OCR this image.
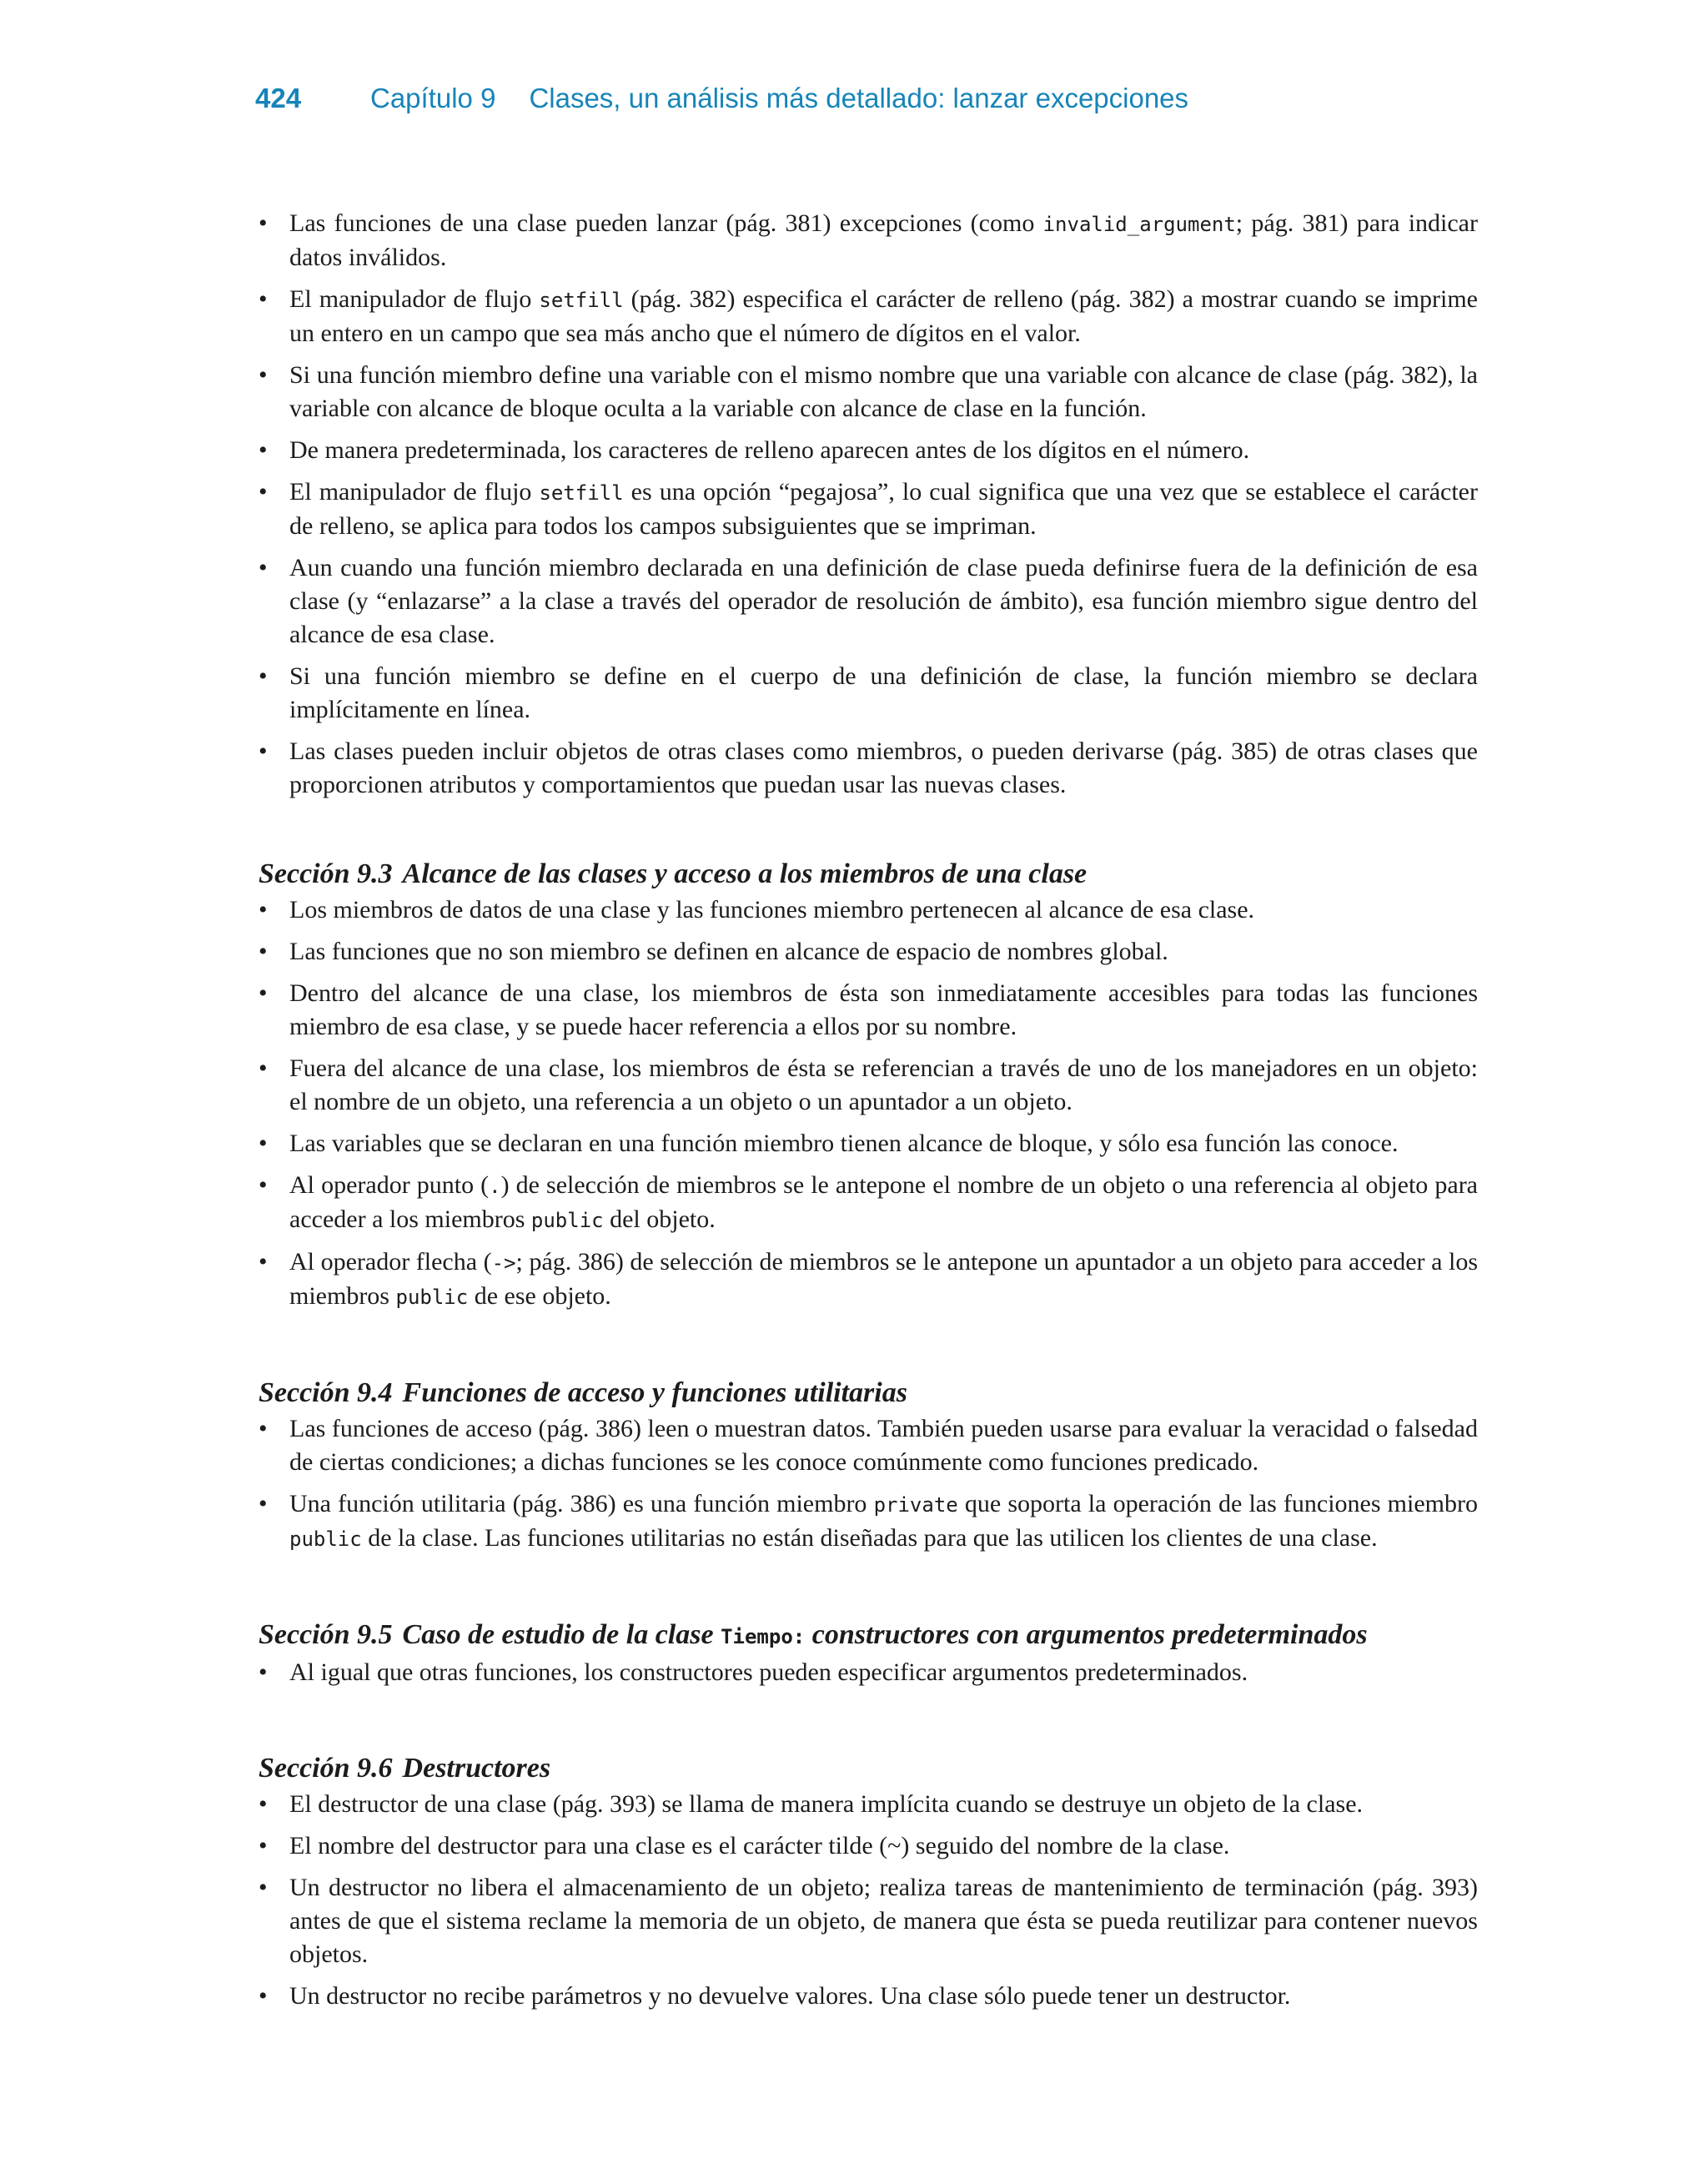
424	Capítulo 9 Clases, un análisis más detallado: lanzar excepciones
• Las funciones de una clase pueden lanzar (pág. 381) excepciones (como invalid_argument; pág. 381) para indicar datos inválidos.
• El manipulador de flujo setfill (pág. 382) especifica el carácter de relleno (pág. 382) a mostrar cuando se imprime un entero en un campo que sea más ancho que el número de dígitos en el valor.
• Si una función miembro define una variable con el mismo nombre que una variable con alcance de clase (pág. 382), la variable con alcance de bloque oculta a la variable con alcance de clase en la función.
• De manera predeterminada, los caracteres de relleno aparecen antes de los dígitos en el número.
• El manipulador de flujo setfill es una opción “pegajosa”, lo cual significa que una vez que se establece el carácter de relleno, se aplica para todos los campos subsiguientes que se impriman.
• Aun cuando una función miembro declarada en una definición de clase pueda definirse fuera de la definición de esa clase (y “enlazarse” a la clase a través del operador de resolución de ámbito), esa función miembro sigue dentro del alcance de esa clase.
• Si una función miembro se define en el cuerpo de una definición de clase, la función miembro se declara implícitamente en línea.
• Las clases pueden incluir objetos de otras clases como miembros, o pueden derivarse (pág. 385) de otras clases que proporcionen atributos y comportamientos que puedan usar las nuevas clases.
Sección 9.3 Alcance de las clases y acceso a los miembros de una clase
• Los miembros de datos de una clase y las funciones miembro pertenecen al alcance de esa clase.
• Las funciones que no son miembro se definen en alcance de espacio de nombres global.
• Dentro del alcance de una clase, los miembros de ésta son inmediatamente accesibles para todas las funciones miembro de esa clase, y se puede hacer referencia a ellos por su nombre.
• Fuera del alcance de una clase, los miembros de ésta se referencian a través de uno de los manejadores en un objeto: el nombre de un objeto, una referencia a un objeto o un apuntador a un objeto.
• Las variables que se declaran en una función miembro tienen alcance de bloque, y sólo esa función las conoce.
• Al operador punto (.) de selección de miembros se le antepone el nombre de un objeto o una referencia al objeto para acceder a los miembros public del objeto.
• Al operador flecha (->; pág. 386) de selección de miembros se le antepone un apuntador a un objeto para acceder a los miembros public de ese objeto.
Sección 9.4 Funciones de acceso y funciones utilitarias
• Las funciones de acceso (pág. 386) leen o muestran datos. También pueden usarse para evaluar la veracidad o falsedad de ciertas condiciones; a dichas funciones se les conoce comúnmente como funciones predicado.
• Una función utilitaria (pág. 386) es una función miembro private que soporta la operación de las funciones miembro public de la clase. Las funciones utilitarias no están diseñadas para que las utilicen los clientes de una clase.
Sección 9.5 Caso de estudio de la clase Tiempo: constructores con argumentos predeterminados
• Al igual que otras funciones, los constructores pueden especificar argumentos predeterminados.
Sección 9.6 Destructores
• El destructor de una clase (pág. 393) se llama de manera implícita cuando se destruye un objeto de la clase.
• El nombre del destructor para una clase es el carácter tilde (~) seguido del nombre de la clase.
• Un destructor no libera el almacenamiento de un objeto; realiza tareas de mantenimiento de terminación (pág. 393) antes de que el sistema reclame la memoria de un objeto, de manera que ésta se pueda reutilizar para contener nuevos objetos.
• Un destructor no recibe parámetros y no devuelve valores. Una clase sólo puede tener un destructor.
